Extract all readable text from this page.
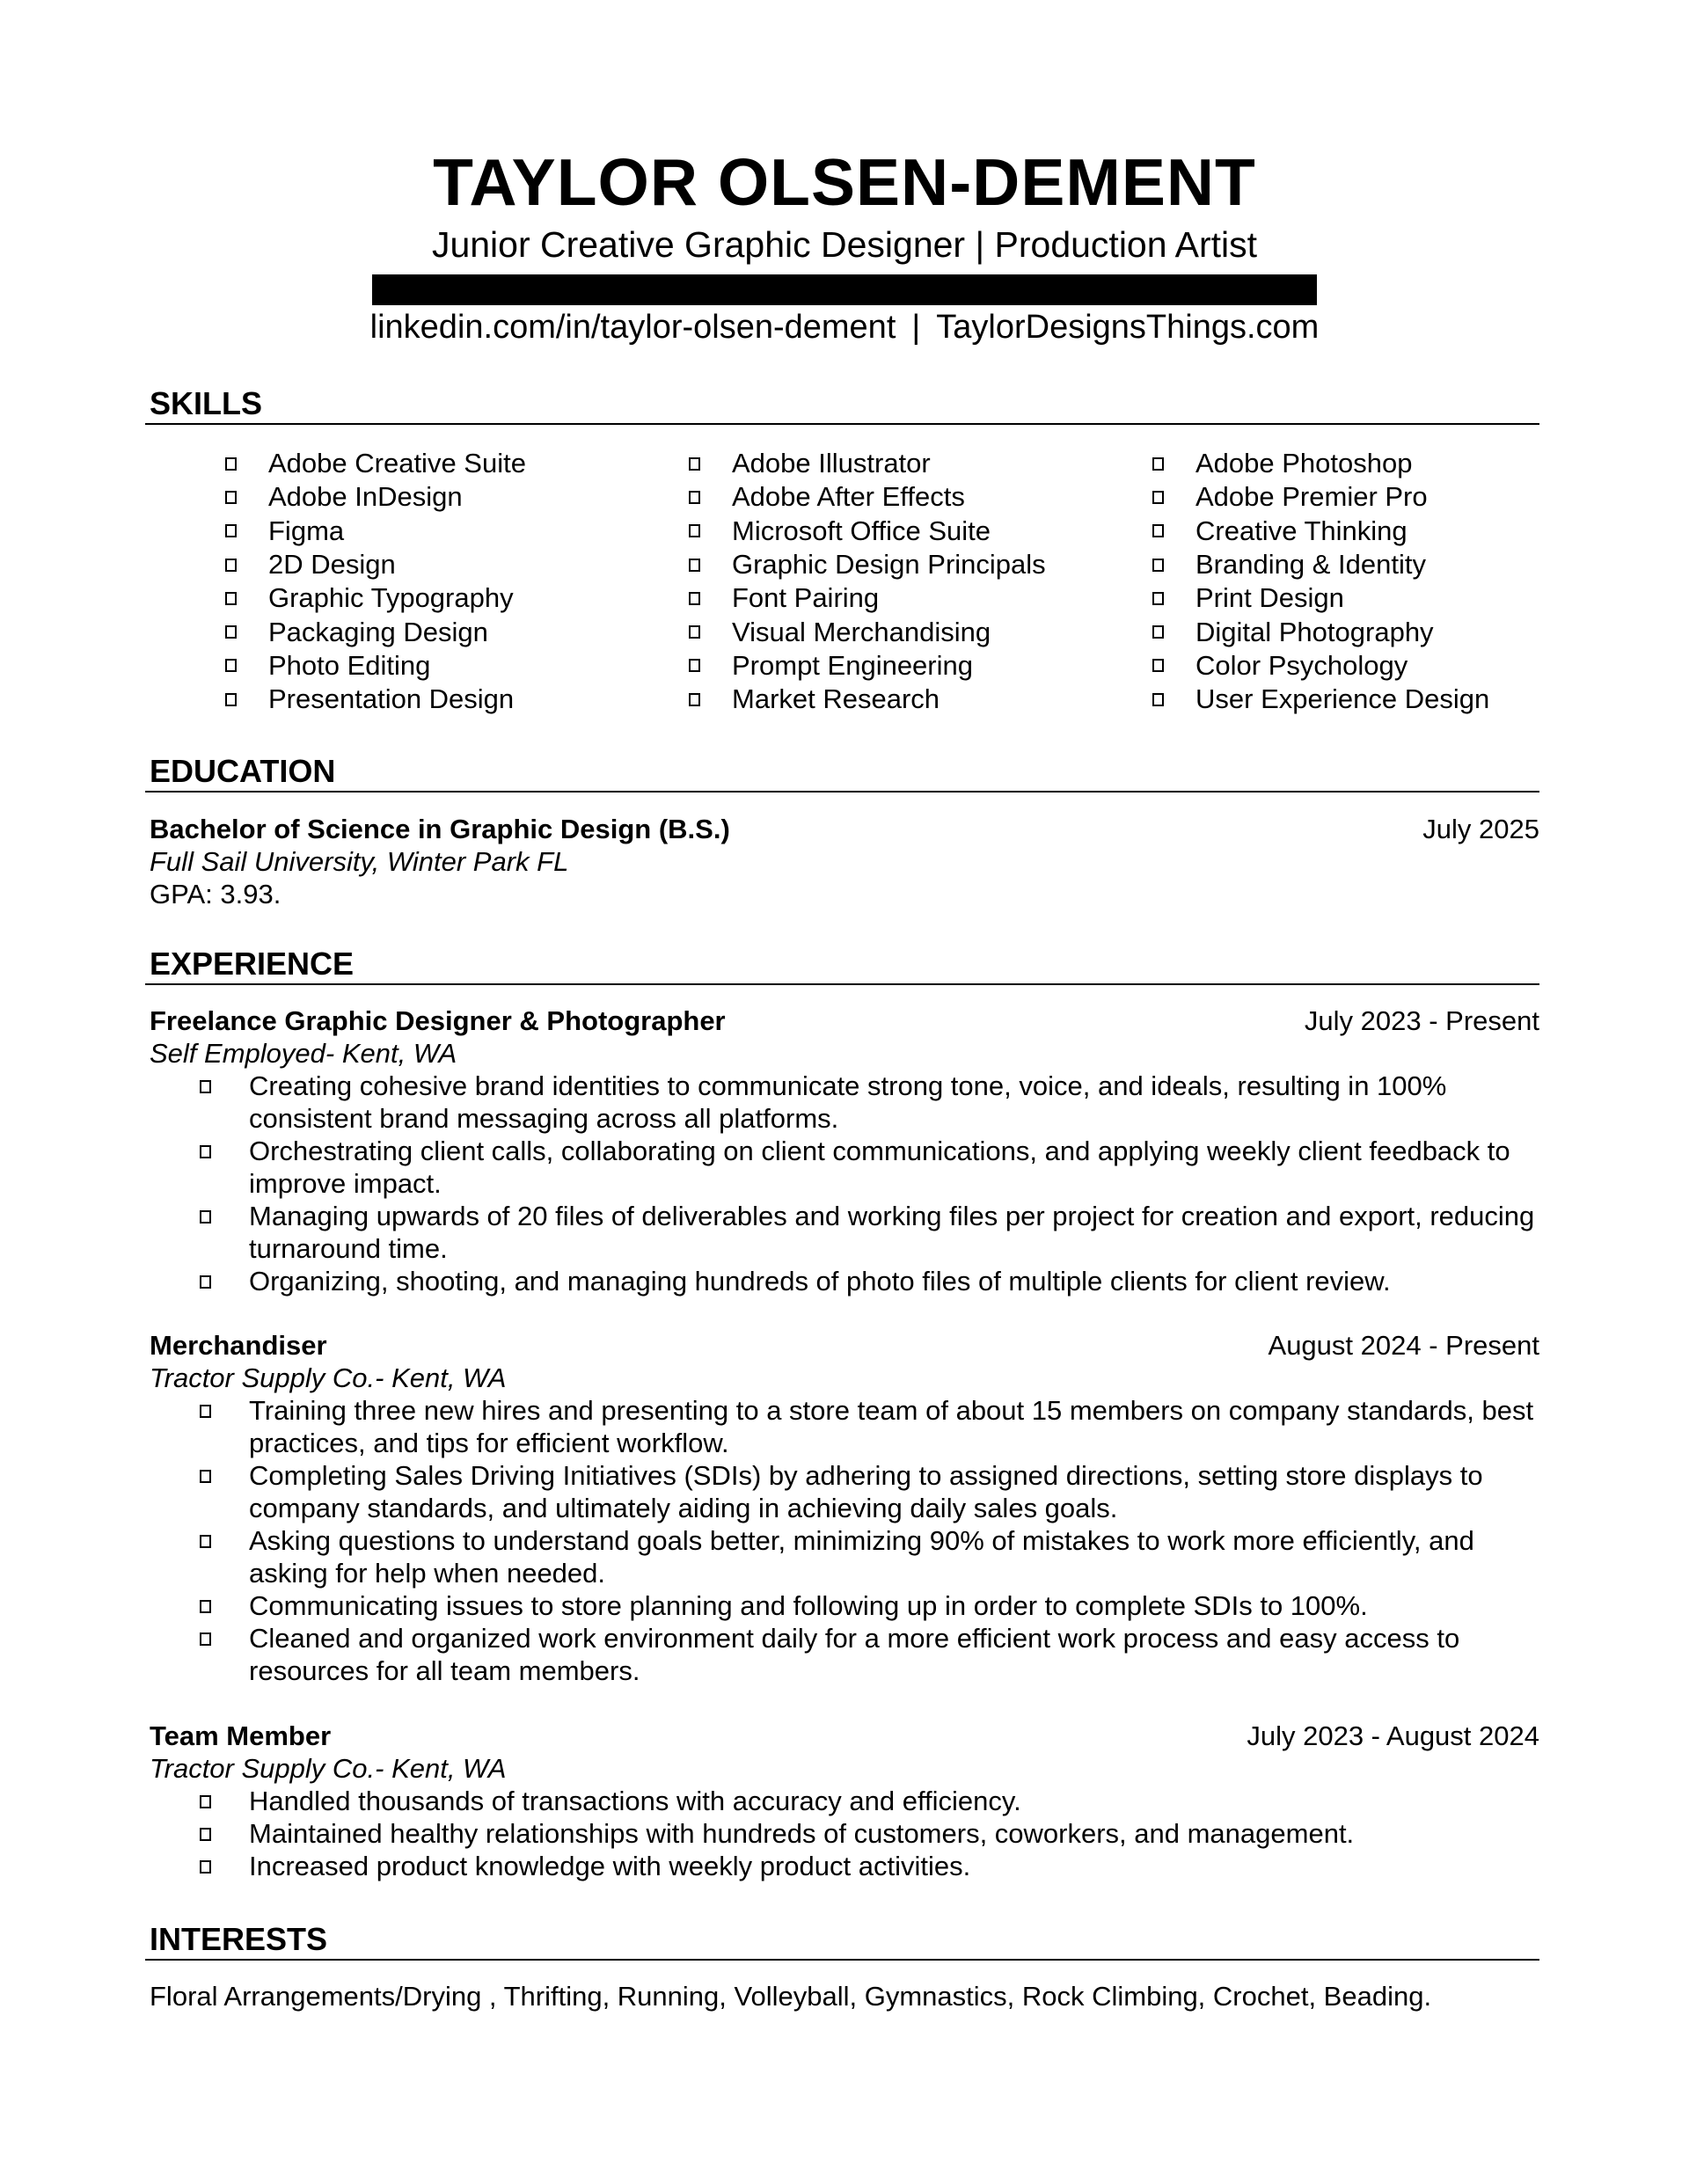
TAYLOR OLSEN-DEMENT
Junior Creative Graphic Designer | Production Artist
linkedin.com/in/taylor-olsen-dement | TaylorDesignsThings.com
SKILLS
Adobe Creative Suite
Adobe InDesign
Figma
2D Design
Graphic Typography
Packaging Design
Photo Editing
Presentation Design
Adobe Illustrator
Adobe After Effects
Microsoft Office Suite
Graphic Design Principals
Font Pairing
Visual Merchandising
Prompt Engineering
Market Research
Adobe Photoshop
Adobe Premier Pro
Creative Thinking
Branding & Identity
Print Design
Digital Photography
Color Psychology
User Experience Design
EDUCATION
Bachelor of Science in Graphic Design (B.S.)	July 2025
Full Sail University, Winter Park FL
GPA: 3.93.
EXPERIENCE
Freelance Graphic Designer & Photographer	July 2023 - Present
Self Employed- Kent, WA
Creating cohesive brand identities to communicate strong tone, voice, and ideals, resulting in 100% consistent brand messaging across all platforms.
Orchestrating client calls, collaborating on client communications, and applying weekly client feedback to improve impact.
Managing upwards of 20 files of deliverables and working files per project for creation and export, reducing turnaround time.
Organizing, shooting, and managing hundreds of photo files of multiple clients for client review.
Merchandiser	August 2024 - Present
Tractor Supply Co.- Kent, WA
Training three new hires and presenting to a store team of about 15 members on company standards, best practices, and tips for efficient workflow.
Completing Sales Driving Initiatives (SDIs) by adhering to assigned directions, setting store displays to company standards, and ultimately aiding in achieving daily sales goals.
Asking questions to understand goals better, minimizing 90% of mistakes to work more efficiently, and asking for help when needed.
Communicating issues to store planning and following up in order to complete SDIs to 100%.
Cleaned and organized work environment daily for a more efficient work process and easy access to resources for all team members.
Team Member	July 2023 - August 2024
Tractor Supply Co.- Kent, WA
Handled thousands of transactions with accuracy and efficiency.
Maintained healthy relationships with hundreds of customers, coworkers, and management.
Increased product knowledge with weekly product activities.
INTERESTS
Floral Arrangements/Drying , Thrifting, Running, Volleyball, Gymnastics, Rock Climbing, Crochet, Beading.
